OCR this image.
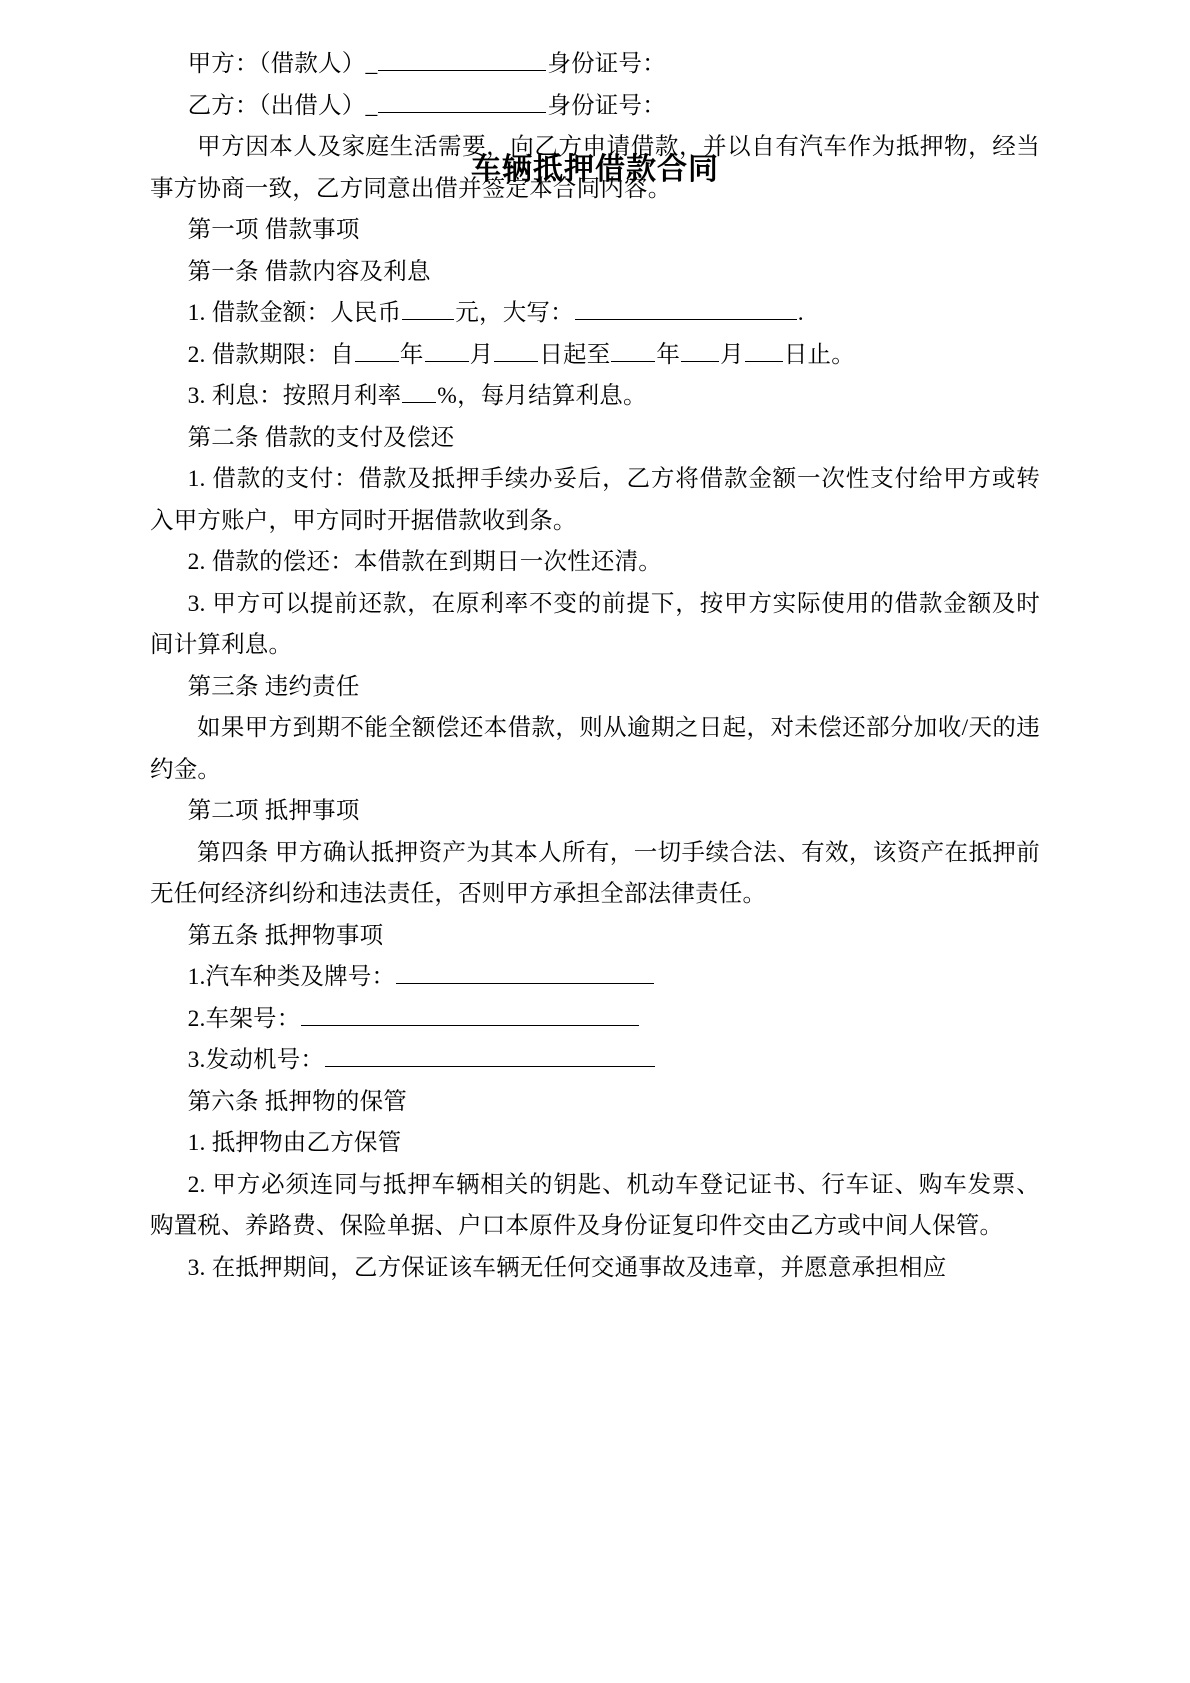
车辆抵押借款合同

甲方：（借款人）_	身份证号：

乙方：（出借人）_	身份证号：

甲方因本人及家庭生活需要，向乙方申请借款，并以自有汽车作为抵押物，经当事方协商一致，乙方同意出借并签定本合同内容。

第一项 借款事项

第一条 借款内容及利息

1. 借款金额：人民币 元，大写：	.

2. 借款期限：自 年 月 日起至 年 月 日止。

3. 利息：按照月利率 %，每月结算利息。

第二条 借款的支付及偿还

1. 借款的支付：借款及抵押手续办妥后，乙方将借款金额一次性支付给甲方或转入甲方账户，甲方同时开据借款收到条。

2. 借款的偿还：本借款在到期日一次性还清。

3. 甲方可以提前还款，在原利率不变的前提下，按甲方实际使用的借款金额及时间计算利息。

第三条 违约责任

如果甲方到期不能全额偿还本借款，则从逾期之日起，对未偿还部分加收/天的违约金。

第二项 抵押事项

第四条 甲方确认抵押资产为其本人所有，一切手续合法、有效，该资产在抵押前无任何经济纠纷和违法责任，否则甲方承担全部法律责任。

第五条 抵押物事项

1.汽车种类及牌号：

2.车架号：

3.发动机号：

第六条 抵押物的保管

1. 抵押物由乙方保管

2. 甲方必须连同与抵押车辆相关的钥匙、机动车登记证书、行车证、购车发票、购置税、养路费、保险单据、户口本原件及身份证复印件交由乙方或中间人保管。

3. 在抵押期间，乙方保证该车辆无任何交通事故及违章，并愿意承担相应
